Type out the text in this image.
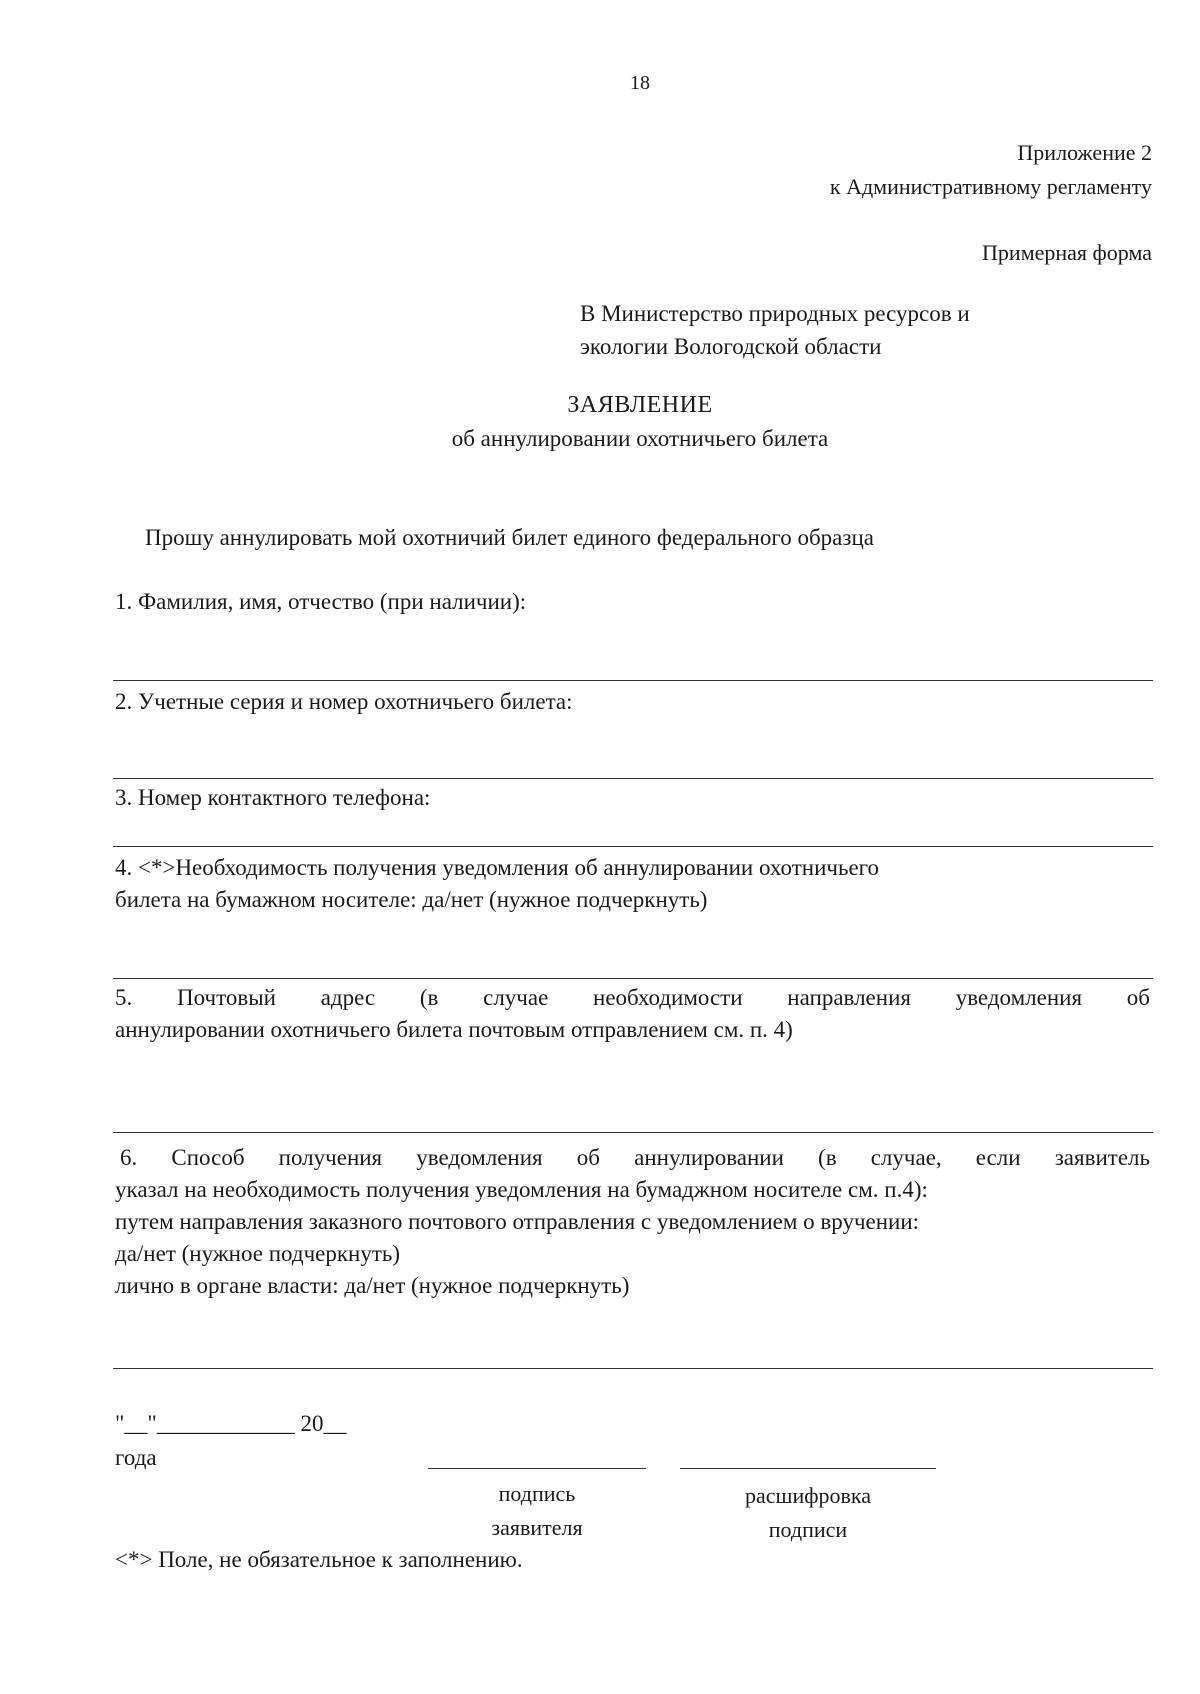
18
Приложение 2
к Административному регламенту
Примерная форма
В Министерство природных ресурсов и
экологии Вологодской области
ЗАЯВЛЕНИЕ
об аннулировании охотничьего билета
Прошу аннулировать мой охотничий билет единого федерального образца
1. Фамилия, имя, отчество (при наличии):
2. Учетные серия и номер охотничьего билета:
3. Номер контактного телефона:
4. <*>Необходимость получения уведомления об аннулировании охотничьего
билета на бумажном носителе: да/нет (нужное подчеркнуть)
5. Почтовый адрес (в случае необходимости направления уведомления об
аннулировании охотничьего билета почтовым отправлением см. п. 4)
6. Способ получения уведомления об аннулировании (в случае, если заявитель
указал на необходимость получения уведомления на бумаджном носителе см. п.4):
путем направления заказного почтового отправления с уведомлением о вручении:
да/нет (нужное подчеркнуть)
лично в органе власти: да/нет (нужное подчеркнуть)
"__"____________ 20__
года
подпись
заявителя
расшифровка
подписи
<*> Поле, не обязательное к заполнению.
